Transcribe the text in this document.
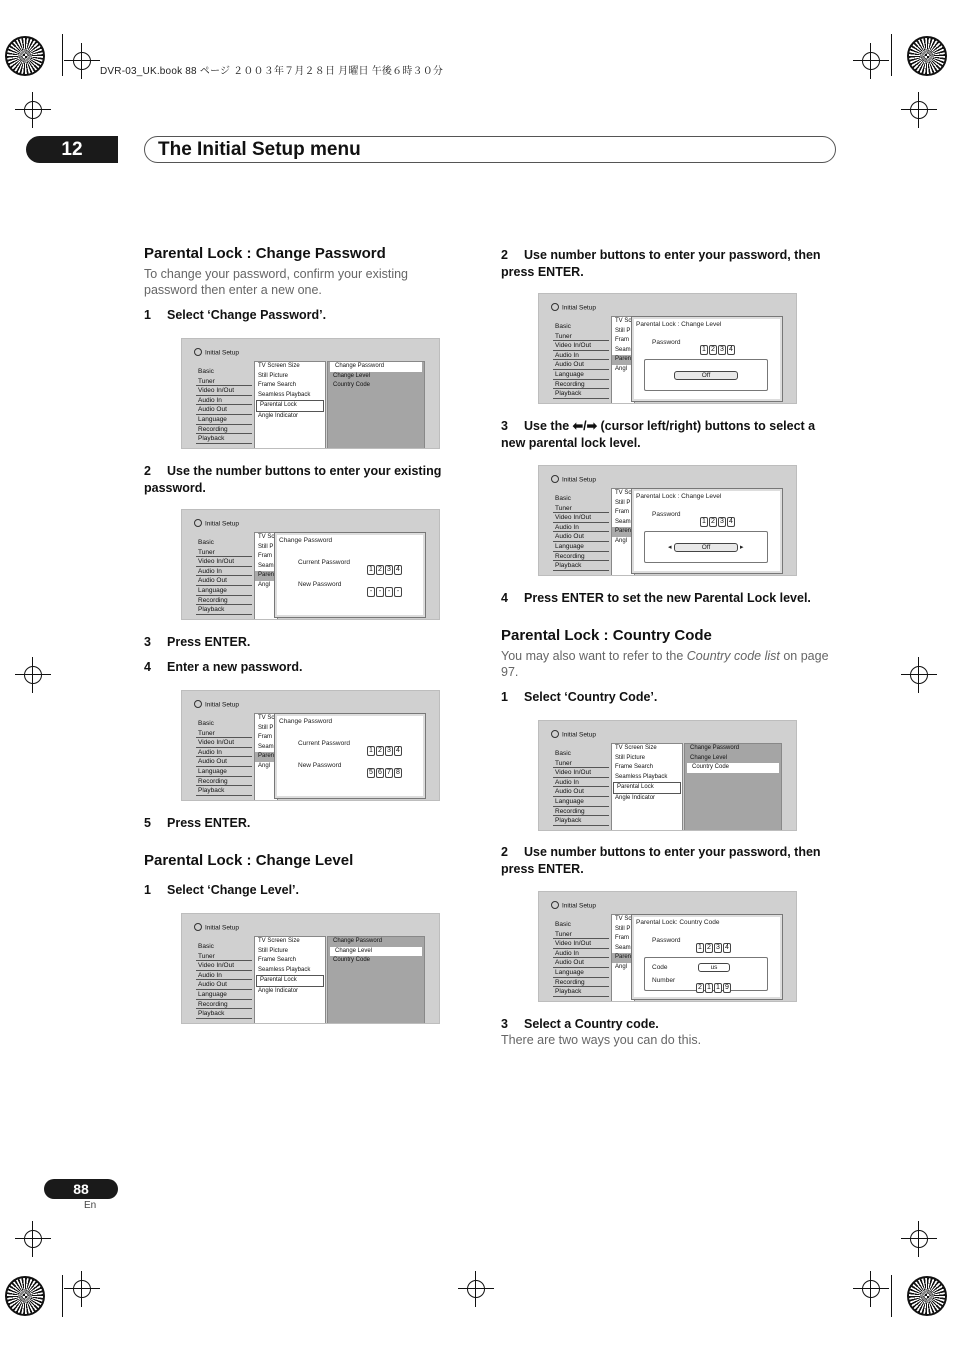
DVR-03_UK.book 88 ページ ２００３年７月２８日 月曜日 午後６時３０分
12	The Initial Setup menu
Parental Lock : Change Password
To change your password, confirm your existing password then enter a new one.
1 Select ‘Change Password’.
Initial Setup
Basic
Tuner
Video In/Out
Audio In
Audio Out
Language
Recording
Playback
TV Screen Size
Still Picture
Frame Search
Seamless Playback
Parental Lock
Angle Indicator
Change Password
Change Level
Country Code
2 Use the number buttons to enter your existing password.
Initial Setup
Basic
Tuner
Video In/Out
Audio In
Audio Out
Language
Recording
Playback
TV Sc
Still P
Fram
Seam
Paren
Angl
Change Password
Current Password
1 2 3 4
New Password
- - - -
3 Press ENTER.
4 Enter a new password.
Initial Setup
Basic
Tuner
Video In/Out
Audio In
Audio Out
Language
Recording
Playback
TV Sc
Still P
Fram
Seam
Paren
Angl
Change Password
Current Password
1 2 3 4
New Password
5 6 7 8
5 Press ENTER.
Parental Lock : Change Level
1 Select ‘Change Level’.
Initial Setup
Basic
Tuner
Video In/Out
Audio In
Audio Out
Language
Recording
Playback
TV Screen Size
Still Picture
Frame Search
Seamless Playback
Parental Lock
Angle Indicator
Change Password
Change Level
Country Code
2 Use number buttons to enter your password, then press ENTER.
Initial Setup
Basic
Tuner
Video In/Out
Audio In
Audio Out
Language
Recording
Playback
TV Sc
Still P
Fram
Seam
Paren
Angl
Parental Lock : Change Level
Password
1 2 3 4
Off
3 Use the ⬅/➡ (cursor left/right) buttons to select a new parental lock level.
Initial Setup
Basic
Tuner
Video In/Out
Audio In
Audio Out
Language
Recording
Playback
TV Sc
Still P
Fram
Seam
Paren
Angl
Parental Lock : Change Level
Password
1 2 3 4
◂	Off	▸
4 Press ENTER to set the new Parental Lock level.
Parental Lock : Country Code
You may also want to refer to the Country code list on page 97.
1 Select ‘Country Code’.
Initial Setup
Basic
Tuner
Video In/Out
Audio In
Audio Out
Language
Recording
Playback
TV Screen Size
Still Picture
Frame Search
Seamless Playback
Parental Lock
Angle Indicator
Change Password
Change Level
Country Code
2 Use number buttons to enter your password, then press ENTER.
Initial Setup
Basic
Tuner
Video In/Out
Audio In
Audio Out
Language
Recording
Playback
TV Sc
Still P
Fram
Seam
Paren
Angl
Parental Lock: Country Code
Password
1 2 3 4
Code	us
Number
2 1 1 9
3 Select a Country code.
There are two ways you can do this.
88
En
